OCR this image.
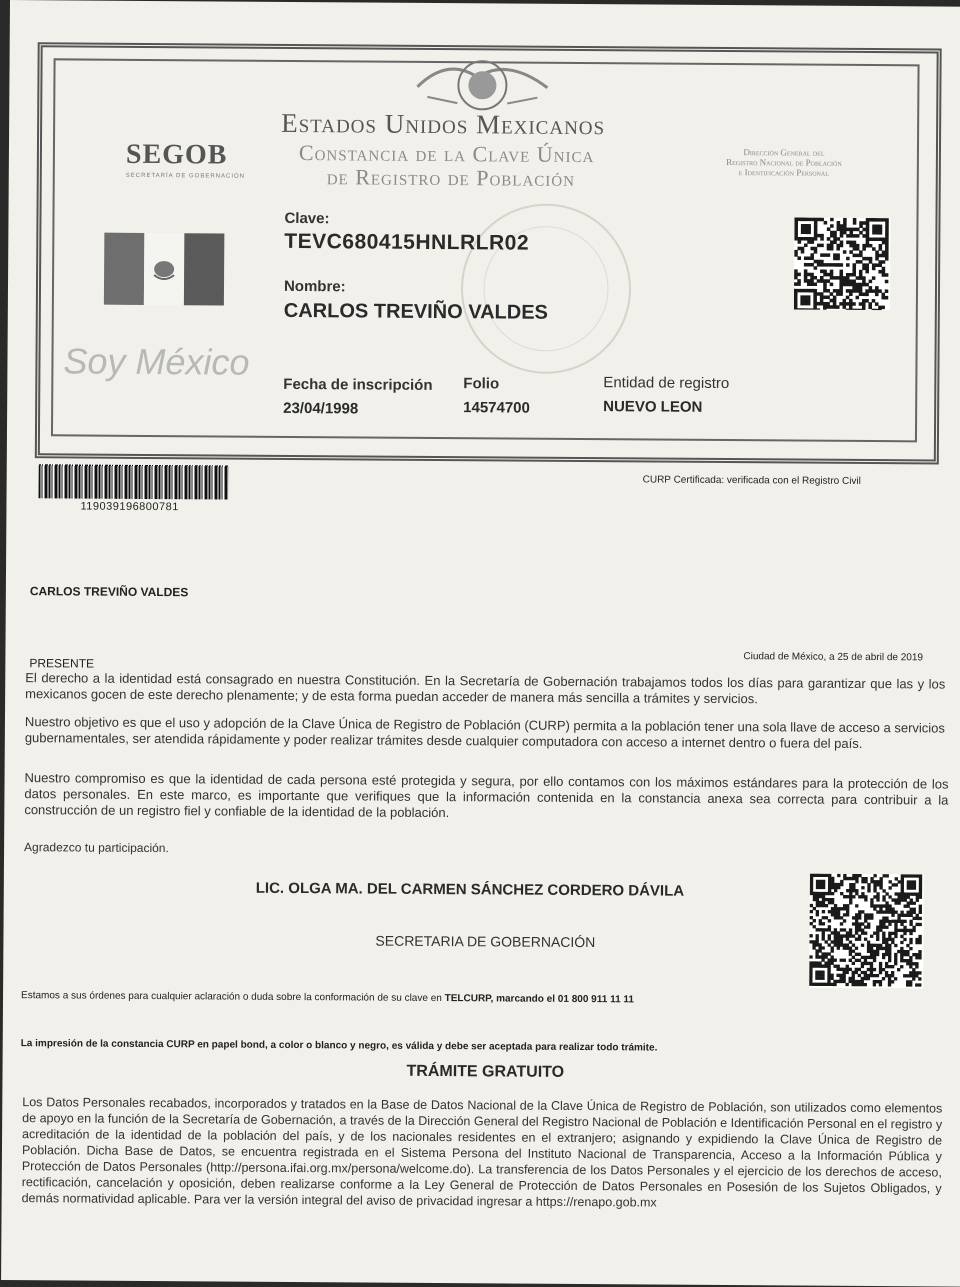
SEGOB
SECRETARÍA DE GOBERNACIÓN
Estados Unidos Mexicanos
Constancia de la Clave Única
de Registro de Población
Dirección General del
Registro Nacional de Población
e Identificación Personal
Soy México
Clave:
TEVC680415HNLRLR02
Nombre:
CARLOS TREVIÑO VALDES
Fecha de inscripción
23/04/1998
Folio
14574700
Entidad de registro
NUEVO LEON
119039196800781
CURP Certificada: verificada con el Registro Civil
CARLOS TREVIÑO VALDES
Ciudad de México, a 25 de abril de 2019
PRESENTE
El derecho a la identidad está consagrado en nuestra Constitución. En la Secretaría de Gobernación trabajamos todos los días para garantizar que las y los mexicanos gocen de este derecho plenamente; y de esta forma puedan acceder de manera más sencilla a trámites y servicios.
Nuestro objetivo es que el uso y adopción de la Clave Única de Registro de Población (CURP) permita a la población tener una sola llave de acceso a servicios gubernamentales, ser atendida rápidamente y poder realizar trámites desde cualquier computadora con acceso a internet dentro o fuera del país.
Nuestro compromiso es que la identidad de cada persona esté protegida y segura, por ello contamos con los máximos estándares para la protección de los datos personales. En este marco, es importante que verifiques que la información contenida en la constancia anexa sea correcta para contribuir a la construcción de un registro fiel y confiable de la identidad de la población.
Agradezco tu participación.
LIC. OLGA MA. DEL CARMEN SÁNCHEZ CORDERO DÁVILA
SECRETARIA DE GOBERNACIÓN
Estamos a sus órdenes para cualquier aclaración o duda sobre la conformación de su clave en TELCURP, marcando el 01 800 911 11 11
La impresión de la constancia CURP en papel bond, a color o blanco y negro, es válida y debe ser aceptada para realizar todo trámite.
TRÁMITE GRATUITO
Los Datos Personales recabados, incorporados y tratados en la Base de Datos Nacional de la Clave Única de Registro de Población, son utilizados como elementos de apoyo en la función de la Secretaría de Gobernación, a través de la Dirección General del Registro Nacional de Población e Identificación Personal en el registro y acreditación de la identidad de la población del país, y de los nacionales residentes en el extranjero; asignando y expidiendo la Clave Única de Registro de Población. Dicha Base de Datos, se encuentra registrada en el Sistema Persona del Instituto Nacional de Transparencia, Acceso a la Información Pública y Protección de Datos Personales (http://persona.ifai.org.mx/persona/welcome.do). La transferencia de los Datos Personales y el ejercicio de los derechos de acceso, rectificación, cancelación y oposición, deben realizarse conforme a la Ley General de Protección de Datos Personales en Posesión de los Sujetos Obligados, y demás normatividad aplicable. Para ver la versión integral del aviso de privacidad ingresar a https://renapo.gob.mx
